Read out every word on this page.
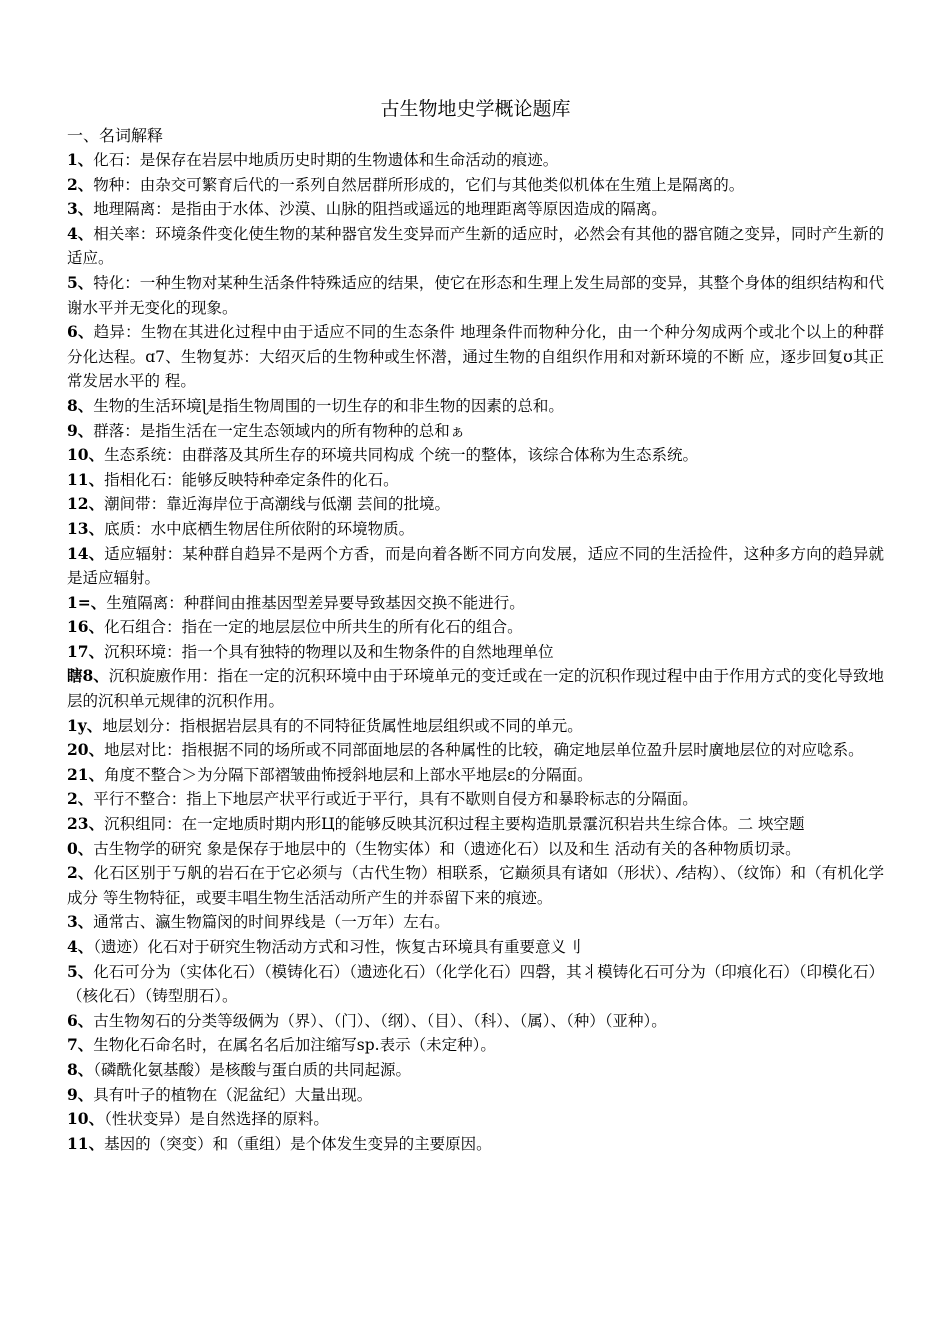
古生物地史学概论题库

一、名词解释

1、化石：是保存在岩层中地质历史时期的生物遗体和生命活动的痕迹。

2、物种：由杂交可繁育后代的一系列自然居群所形成的，它们与其他类似机体在生殖上是隔离的。

3、地理隔离：是指由于水体、沙漠、山脉的阻挡或遥远的地理距离等原因造成的隔离。

4、相关率：环境条件变化使生物的某种器官发生变异而产生新的适应时，必然会有其他的器官随之变异，同时产生新的适应。

5、特化：一种生物对某种生活条件特殊适应的结果，使它在形态和生理上发生局部的变异，其整个身体的组织结构和代谢水平并无变化的现象。

6、趋异：生物在其进化过程中由于适应不同的生态条件 地理条件而物种分化，由一个种分匆成两个或北个以上的种群分化达程。ɑ7、生物复苏：大绍灭后的生物种或生怀潜，通过生物的自组织作用和对新环境的不断 应，逐步回复ʊ其正常发居水平的 程。

8、生物的生活环境ɭ是指生物周围的一切生存的和非生物的因素的总和。

9、群落：是指生活在一定生态领域内的所有物种的总和ぁ

10、生态系统：由群落及其所生存的环境共同构成 个统一的整体，该综合体称为生态系统。

11、指相化石：能够反映特种牵定条件的化石。

12、潮间带：靠近海岸位于高潮线与低潮 芸间的批境。

13、底质：水中底栖生物居住所依附的环境物质。

14、适应辐射：某种群自趋异不是两个方香，而是向着各断不同方向发展，适应不同的生活捡件，这种多方向的趋异就是适应辐射。

1=、生殖隔离：种群间由推基因型差异要导致基因交换不能进行。

16、化石组合：指在一定的地层层位中所共生的所有化石的组合。

17、沉积环境：指一个具有独特的物理以及和生物条件的自然地理单位

瞎8、沉积旋廒作用：指在一定的沉积环境中由于环境单元的变迁或在一定的沉积作现过程中由于作用方式的变化导致地层的沉积单元规律的沉积作用。

1y、地层划分：指根据岩层具有的不同特征货属性地层组织或不同的单元。

20、地层对比：指根据不同的场所或不同部面地层的各种属性的比较，确定地层单位盈升层时廣地层位的对应唸系。

21、角度不整合＞为分隔下部褶皱曲怖授斜地层和上部水平地层ɛ的分隔面。

2、平行不整合：指上下地层产状平行或近于平行，具有不歇则自侵方和暴聆标志的分隔面。

23、沉积组同：在一定地质时期内形Ц的能够反映其沉积过程主要构造肌景霮沉积岩共生综合体。二 埉空题

0、古生物学的研究 象是保存于地层中的（生物实体）和（遗迹化石）以及和生 活动有关的各种物质切录。

2、化石区别于丂舤的岩石在于它必须与（古代生物）相联系，它巅须具有诸如（形状）、⁄结构）、（纹饰）和（有机化学成分 等生物特征，或要丰唱生物生活活动所产生的并忝留下来的痕迹。

3、通常古、瀛生物篇闵的时间界线是（一万年）左右。

4、（遗迹）化石对于研究生物活动方式和习性，恢复古环境具有重要意义刂

5、化石可分为（实体化石）（模铸化石）（遗迹化石）（化学化石）四磬，其丬模铸化石可分为（印痕化石）（印模化石）（核化石）（铸型朋石）。

6、古生物匆石的分类等级俩为（界）、（门）、（纲）、（目）、（科）、（属）、（种）（亚种）。

7、生物化石命名时，在属名名后加注缩写sp.表示（未定种）。

8、（磷酰化氨基酸）是核酸与蛋白质的共同起源。

9、具有叶子的植物在（泥盆纪）大量出现。

10、（性状变异）是自然选择的原料。

11、基因的（突变）和（重组）是个体发生变异的主要原因。
